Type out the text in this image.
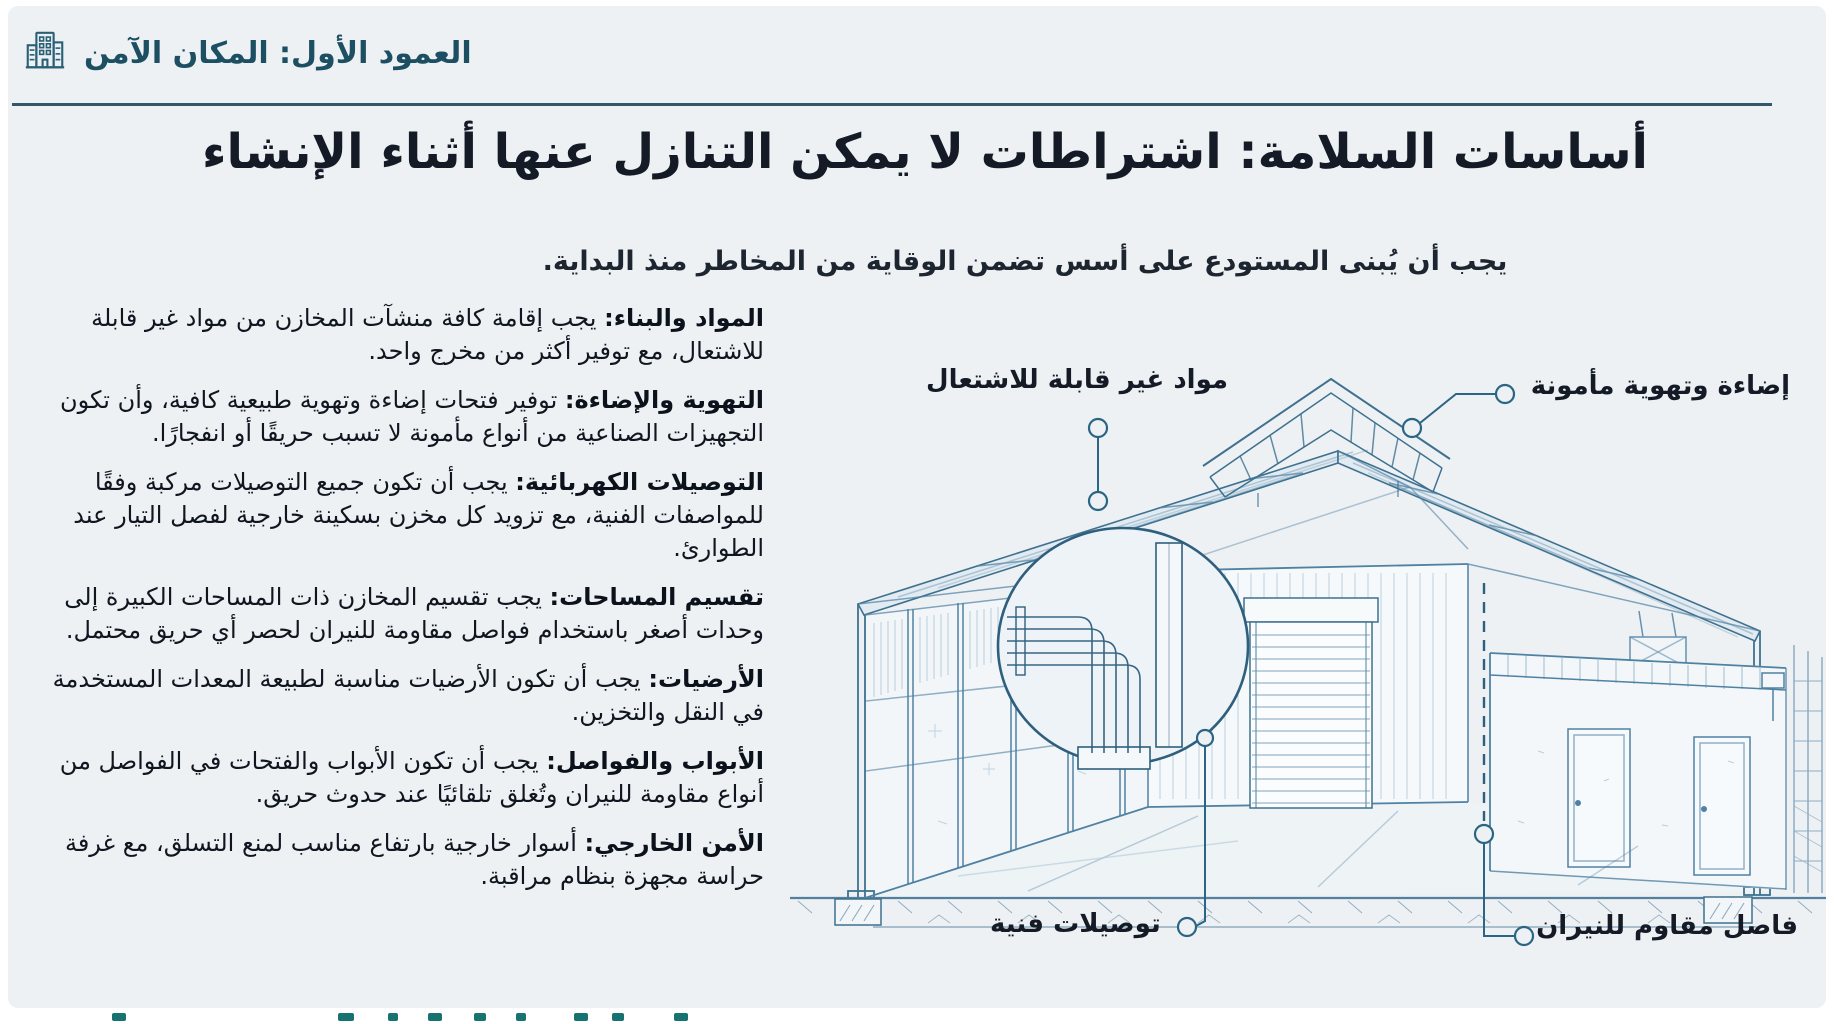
العمود الأول: المكان الآمن
أساسات السلامة: اشتراطات لا يمكن التنازل عنها أثناء الإنشاء
يجب أن يُبنى المستودع على أسس تضمن الوقاية من المخاطر منذ البداية.

المواد والبناء: يجب إقامة كافة منشآت المخازن من مواد غير قابلة للاشتعال، مع توفير أكثر من مخرج واحد.

التهوية والإضاءة: توفير فتحات إضاءة وتهوية طبيعية كافية، وأن تكون التجهيزات الصناعية من أنواع مأمونة لا تسبب حريقًا أو انفجارًا.

التوصيلات الكهربائية: يجب أن تكون جميع التوصيلات مركبة وفقًا للمواصفات الفنية، مع تزويد كل مخزن بسكينة خارجية لفصل التيار عند الطوارئ.

تقسيم المساحات: يجب تقسيم المخازن ذات المساحات الكبيرة إلى وحدات أصغر باستخدام فواصل مقاومة للنيران لحصر أي حريق محتمل.

الأرضيات: يجب أن تكون الأرضيات مناسبة لطبيعة المعدات المستخدمة في النقل والتخزين.

الأبواب والفواصل: يجب أن تكون الأبواب والفتحات في الفواصل من أنواع مقاومة للنيران وتُغلق تلقائيًا عند حدوث حريق.

الأمن الخارجي: أسوار خارجية بارتفاع مناسب لمنع التسلق، مع غرفة حراسة مجهزة بنظام مراقبة.

مواد غير قابلة للاشتعال	إضاءة وتهوية مأمونة
توصيلات فنية	فاصل مقاوم للنيران
